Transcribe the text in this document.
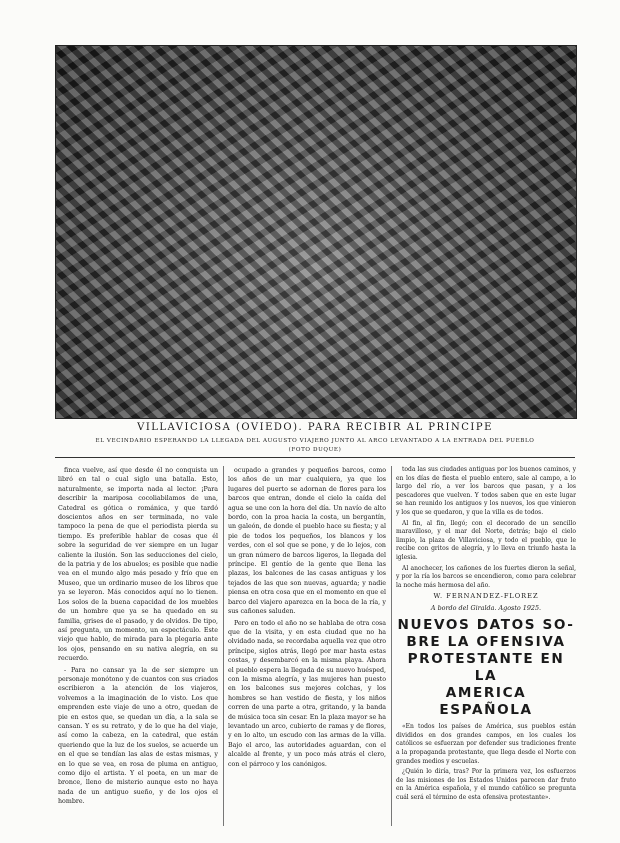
VILLAVICIOSA (OVIEDO). PARA RECIBIR AL PRINCIPE
EL VECINDARIO ESPERANDO LA LLEGADA DEL AUGUSTO VIAJERO JUNTO AL ARCO LEVANTADO A LA ENTRADA DEL PUEBLO
(FOTO DUQUE)

finca vuelve, así que desde él no conquista un libró en tal o cual siglo una batalla. Esto, naturalmente, se importa nada al lector. ¡Para describir la mariposa cocoliabilamos de una, Catedral es gótica o románica, y que tardó doscientos años en ser terminada, no vale tampoco la pena de que el periodista pierda su tiempo. Es preferible hablar de cosas que él sobre la seguridad de ver siempre en un lugar caliente la ilusión. Son las seducciones del cielo, de la patria y de los abuelos; es posible que nadie vea en el mundo algo más pesado y frío que en Museo, que un ordinario museo de los libros que ya se leyeron. Más conocidos aquí no lo tienen. Los solos de la buena capacidad de los muebles de un hombre que ya se ha quedado en su familia, grises de el pasado, y de olvidos. De tipo, así pregunta, un momento, un espectáculo. Este viejo que hablo, de mirada para la plegaria ante los ojos, pensando en su nativa alegría, en su recuerdo.

- Para no cansar ya la de ser siempre un personaje monótono y de cuantos con sus criados escribieron a la atención de los viajeros, volvemos a la imaginación de lo visto. Los que emprenden este viaje de uno a otro, quedan de pie en estos que, se quedan un día, a la sala se cansan. Y es su retrato, y de lo que ha del viaje, así como la cabeza, en la catedral, que están queriendo que la luz de los suelos, se acuerde un en el que se tendían las alas de estas mismas, y en lo que se vea, en rosa de pluma en antiguo, como dijo el artista. Y el poeta, en un mar de bronce, lleno de misterio aunque esto no haya nada de un antiguo sueño, y de los ojos el hombre.

ocupado a grandes y pequeños barcos, como los años de un mar cualquiera, ya que los lugares del puerto se adornan de flores para los barcos que entran, donde el cielo la caída del agua se une con la hora del día. Un navío de alto bordo, con la proa hacia la costa, un bergantín, un galeón, de donde el pueblo hace su fiesta; y al pie de todos los pequeños, los blancos y los verdes, con el sol que se pone, y de lo lejos, con un gran número de barcos ligeros, la llegada del príncipe. El gentío de la gente que llena las plazas, los balcones de las casas antiguas y los tejados de las que son nuevas, aguarda; y nadie piensa en otra cosa que en el momento en que el barco del viajero aparezca en la boca de la ría, y sus cañones saluden.

Pero en todo el año no se hablaba de otra cosa que de la visita, y en esta ciudad que no ha olvidado nada, se recordaba aquella vez que otro príncipe, siglos atrás, llegó por mar hasta estas costas, y desembarcó en la misma playa. Ahora el pueblo espera la llegada de su nuevo huésped, con la misma alegría, y las mujeres han puesto en los balcones sus mejores colchas, y los hombres se han vestido de fiesta, y los niños corren de una parte a otra, gritando, y la banda de música toca sin cesar. En la plaza mayor se ha levantado un arco, cubierto de ramas y de flores, y en lo alto, un escudo con las armas de la villa. Bajo el arco, las autoridades aguardan, con el alcalde al frente, y un poco más atrás el clero, con el párroco y los canónigos.

toda las sus ciudades antiguas por los buenos caminos, y en los días de fiesta el pueblo entero, sale al campo, a lo largo del río, a ver los barcos que pasan, y a los pescadores que vuelven. Y todos saben que en este lugar se han reunido los antiguos y los nuevos, los que vinieron y los que se quedaron, y que la villa es de todos.

Al fin, al fin, llegó; con el decorado de un sencillo maravilloso, y el mar del Norte, detrás; bajo el cielo limpio, la plaza de Villaviciosa, y todo el pueblo, que le recibe con gritos de alegría, y lo lleva en triunfo hasta la iglesia.

Al anochecer, los cañones de los fuertes dieron la señal, y por la ría los barcos se encendieron, como para celebrar la noche más hermosa del año.

W. FERNANDEZ-FLOREZ

A bordo del Giralda. Agosto 1925.

NUEVOS DATOS SO-
BRE LA OFENSIVA
PROTESTANTE EN LA
AMERICA ESPAÑOLA

«En todos los países de América, sus pueblos están divididos en dos grandes campos, en los cuales los católicos se esfuerzan por defender sus tradiciones frente a la propaganda protestante, que llega desde el Norte con grandes medios y escuelas.

¿Quién lo diría, tras? Por la primera vez, los esfuerzos de las misiones de los Estados Unidos parecen dar fruto en la América española, y el mundo católico se pregunta cuál será el término de esta ofensiva protestante».
